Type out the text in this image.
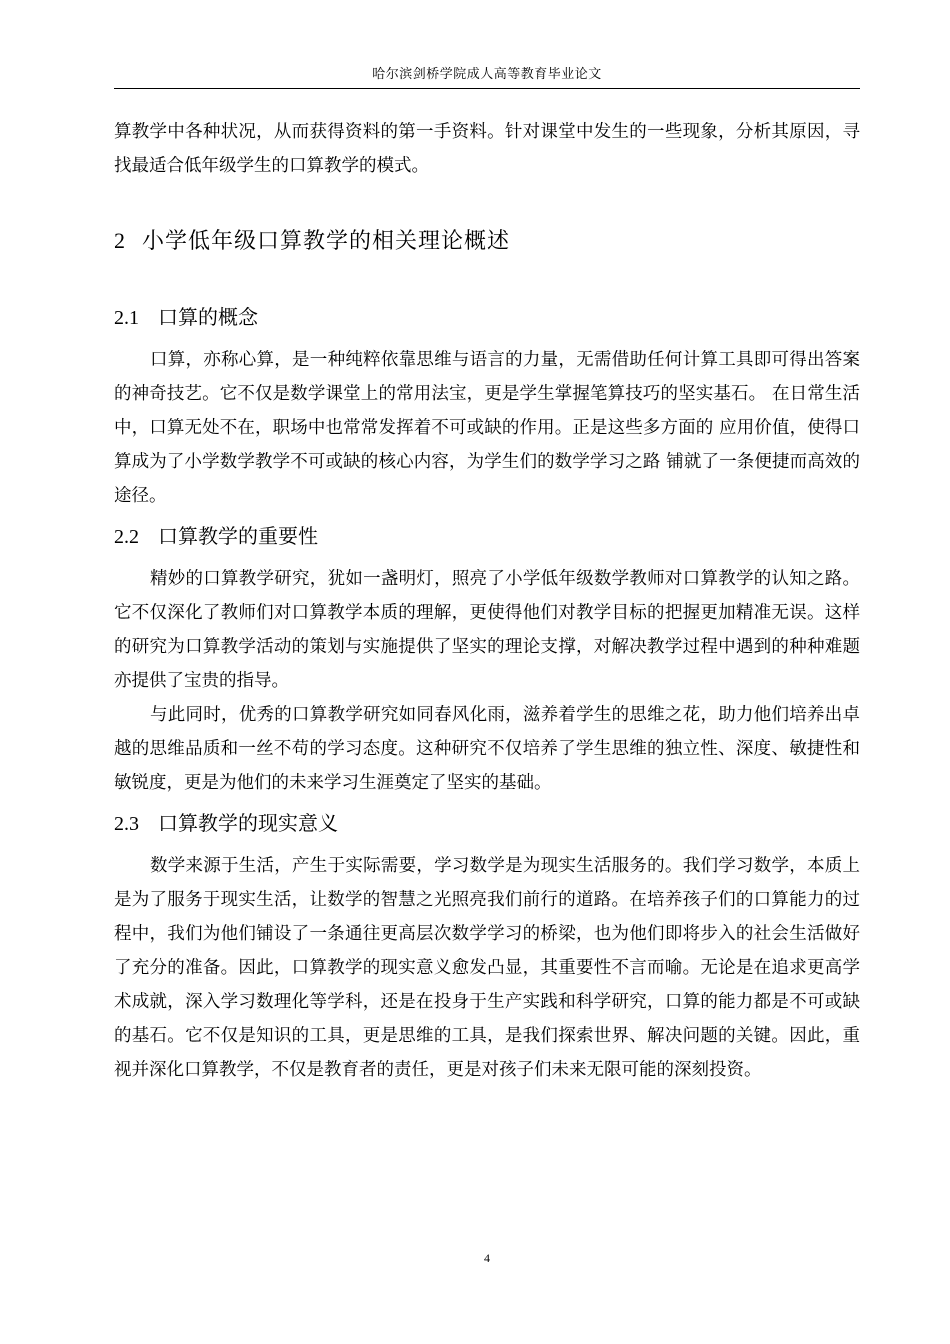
哈尔滨剑桥学院成人高等教育毕业论文

算教学中各种状况，从而获得资料的第一手资料。针对课堂中发生的一些现象，分析其原因，寻找最适合低年级学生的口算教学的模式。

2 小学低年级口算教学的相关理论概述
2.1 口算的概念

口算，亦称心算，是一种纯粹依靠思维与语言的力量，无需借助任何计算工具即可得出答案的神奇技艺。它不仅是数学课堂上的常用法宝，更是学生掌握笔算技巧的坚实基石。 在日常生活中，口算无处不在，职场中也常常发挥着不可或缺的作用。正是这些多方面的 应用价值，使得口算成为了小学数学教学不可或缺的核心内容，为学生们的数学学习之路 铺就了一条便捷而高效的途径。

2.2 口算教学的重要性

精妙的口算教学研究，犹如一盏明灯，照亮了小学低年级数学教师对口算教学的认知之路。它不仅深化了教师们对口算教学本质的理解，更使得他们对教学目标的把握更加精准无误。这样的研究为口算教学活动的策划与实施提供了坚实的理论支撑，对解决教学过程中遇到的种种难题亦提供了宝贵的指导。

与此同时，优秀的口算教学研究如同春风化雨，滋养着学生的思维之花，助力他们培养出卓越的思维品质和一丝不苟的学习态度。这种研究不仅培养了学生思维的独立性、深度、敏捷性和敏锐度，更是为他们的未来学习生涯奠定了坚实的基础。

2.3 口算教学的现实意义

数学来源于生活，产生于实际需要，学习数学是为现实生活服务的。我们学习数学，本质上是为了服务于现实生活，让数学的智慧之光照亮我们前行的道路。在培养孩子们的口算能力的过程中，我们为他们铺设了一条通往更高层次数学学习的桥梁，也为他们即将步入的社会生活做好了充分的准备。因此，口算教学的现实意义愈发凸显，其重要性不言而喻。无论是在追求更高学术成就，深入学习数理化等学科，还是在投身于生产实践和科学研究，口算的能力都是不可或缺的基石。它不仅是知识的工具，更是思维的工具，是我们探索世界、解决问题的关键。因此，重视并深化口算教学，不仅是教育者的责任，更是对孩子们未来无限可能的深刻投资。

4
